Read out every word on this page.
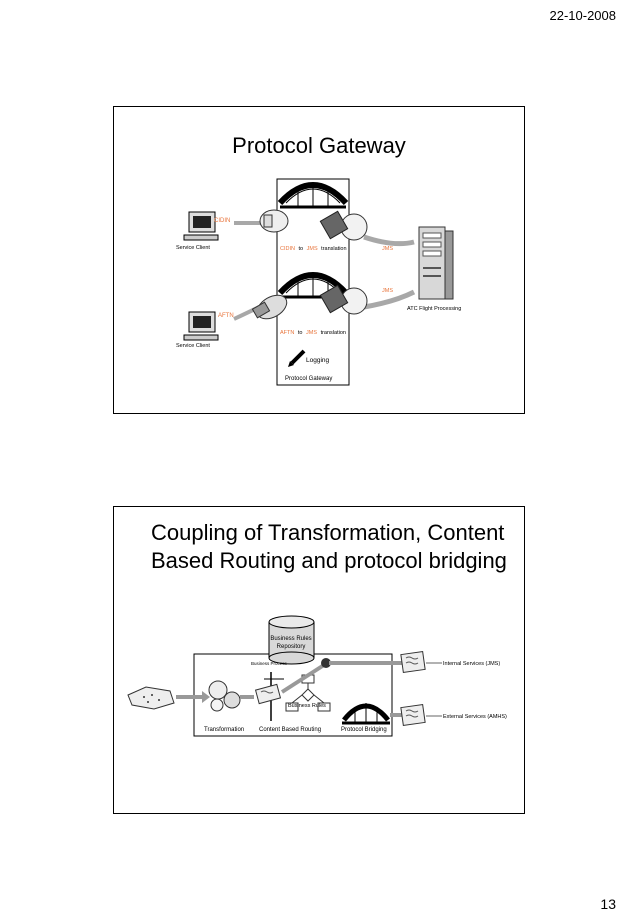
22-10-2008
Protocol Gateway
CIDIN
AFTN
Service Client
Service Client
CIDIN to JMS translation
AFTN to JMS translation
JMS
JMS
ATC Flight Processing
Logging
Protocol Gateway
Coupling of Transformation, Content
Based Routing and protocol bridging
Business Rules
Repository
Business Process
Business Rules
Internal Services (JMS)
External Services (AMHS)
Transformation Content Based Routing	Protocol Bridging
13
